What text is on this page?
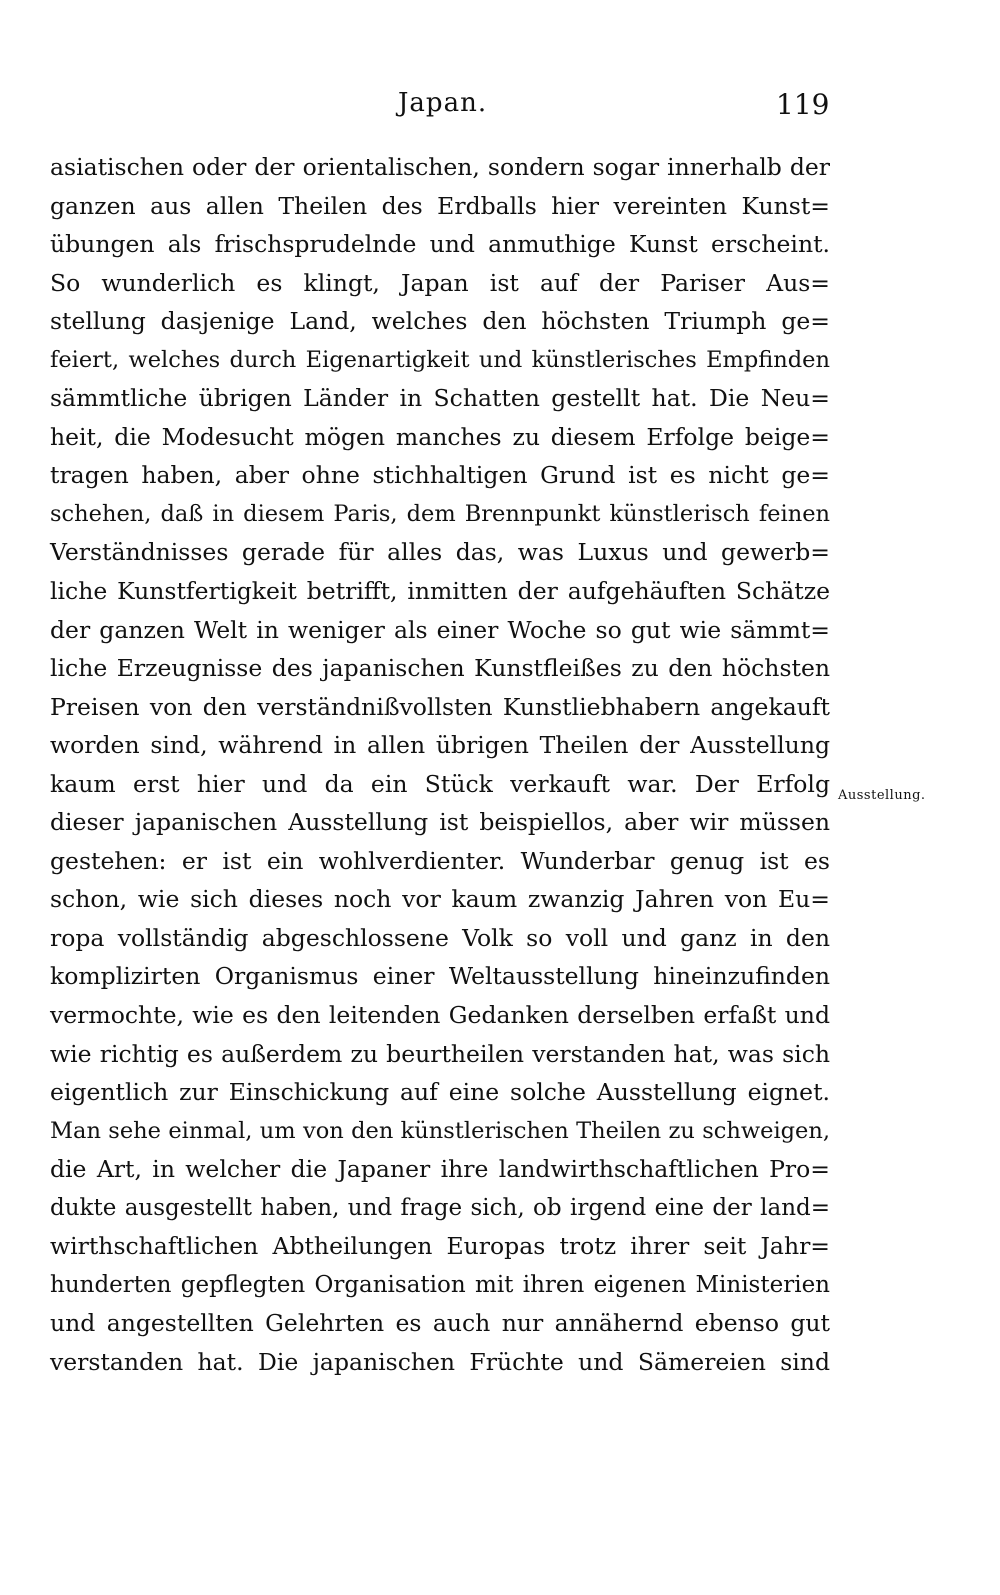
Japan.	119
asiatischen oder der orientalischen, sondern sogar innerhalb der
ganzen aus allen Theilen des Erdballs hier vereinten Kunst=
übungen als frischsprudelnde und anmuthige Kunst erscheint.
So wunderlich es klingt, Japan ist auf der Pariser Aus=
stellung dasjenige Land, welches den höchsten Triumph ge=
feiert, welches durch Eigenartigkeit und künstlerisches Empfinden
sämmtliche übrigen Länder in Schatten gestellt hat. Die Neu=
heit, die Modesucht mögen manches zu diesem Erfolge beige=
tragen haben, aber ohne stichhaltigen Grund ist es nicht ge=
schehen, daß in diesem Paris, dem Brennpunkt künstlerisch feinen
Verständnisses gerade für alles das, was Luxus und gewerb=
liche Kunstfertigkeit betrifft, inmitten der aufgehäuften Schätze
der ganzen Welt in weniger als einer Woche so gut wie sämmt=
liche Erzeugnisse des japanischen Kunstfleißes zu den höchsten
Preisen von den verständnißvollsten Kunstliebhabern angekauft
worden sind, während in allen übrigen Theilen der Ausstellung
kaum erst hier und da ein Stück verkauft war. Der Erfolg
dieser japanischen Ausstellung ist beispiellos, aber wir müssen
gestehen: er ist ein wohlverdienter. Wunderbar genug ist es
schon, wie sich dieses noch vor kaum zwanzig Jahren von Eu=
ropa vollständig abgeschlossene Volk so voll und ganz in den
komplizirten Organismus einer Weltausstellung hineinzufinden
vermochte, wie es den leitenden Gedanken derselben erfaßt und
wie richtig es außerdem zu beurtheilen verstanden hat, was sich
eigentlich zur Einschickung auf eine solche Ausstellung eignet.
Man sehe einmal, um von den künstlerischen Theilen zu schweigen,
die Art, in welcher die Japaner ihre landwirthschaftlichen Pro=
dukte ausgestellt haben, und frage sich, ob irgend eine der land=
wirthschaftlichen Abtheilungen Europas trotz ihrer seit Jahr=
hunderten gepflegten Organisation mit ihren eigenen Ministerien
und angestellten Gelehrten es auch nur annähernd ebenso gut
verstanden hat. Die japanischen Früchte und Sämereien sind
Ausstellung.
